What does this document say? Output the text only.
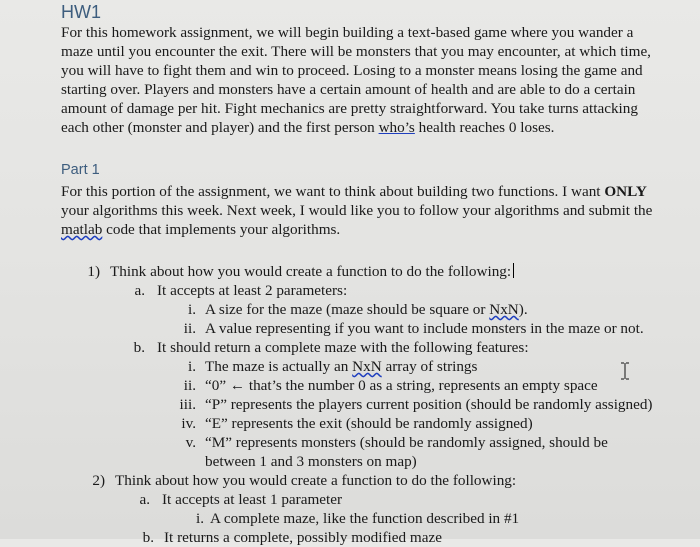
HW1
For this homework assignment, we will begin building a text-based game where you wander a
maze until you encounter the exit. There will be monsters that you may encounter, at which time,
you will have to fight them and win to proceed. Losing to a monster means losing the game and
starting over. Players and monsters have a certain amount of health and are able to do a certain
amount of damage per hit. Fight mechanics are pretty straightforward. You take turns attacking
each other (monster and player) and the first person who’s health reaches 0 loses.
Part 1
For this portion of the assignment, we want to think about building two functions. I want ONLY
your algorithms this week. Next week, I would like you to follow your algorithms and submit the
matlab code that implements your algorithms.
1) Think about how you would create a function to do the following:
a. It accepts at least 2 parameters:
i. A size for the maze (maze should be square or NxN).
ii. A value representing if you want to include monsters in the maze or not.
b. It should return a complete maze with the following features:
i. The maze is actually an NxN array of strings
ii. “0” ← that’s the number 0 as a string, represents an empty space
iii. “P” represents the players current position (should be randomly assigned)
iv. “E” represents the exit (should be randomly assigned)
v. “M” represents monsters (should be randomly assigned, should be
between 1 and 3 monsters on map)
2) Think about how you would create a function to do the following:
a. It accepts at least 1 parameter
i. A complete maze, like the function described in #1
b. It returns a complete, possibly modified maze
